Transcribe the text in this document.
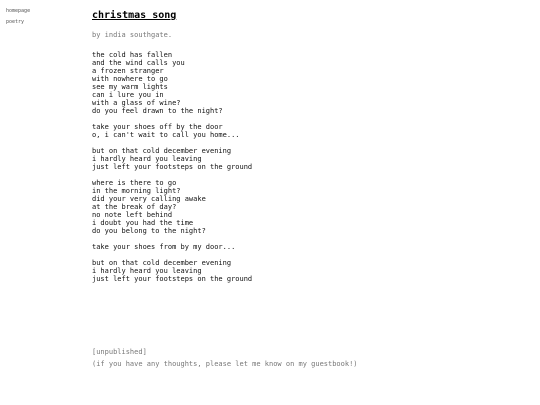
homepage
poetry
christmas song
by india southgate.
the cold has fallen
and the wind calls you
a frozen stranger
with nowhere to go
see my warm lights
can i lure you in
with a glass of wine?
do you feel drawn to the night?
take your shoes off by the door
o, i can't wait to call you home...
but on that cold december evening
i hardly heard you leaving
just left your footsteps on the ground
where is there to go
in the morning light?
did your very calling awake
at the break of day?
no note left behind
i doubt you had the time
do you belong to the night?
take your shoes from by my door...
but on that cold december evening
i hardly heard you leaving
just left your footsteps on the ground
[unpublished]
(if you have any thoughts, please let me know on my guestbook!)
